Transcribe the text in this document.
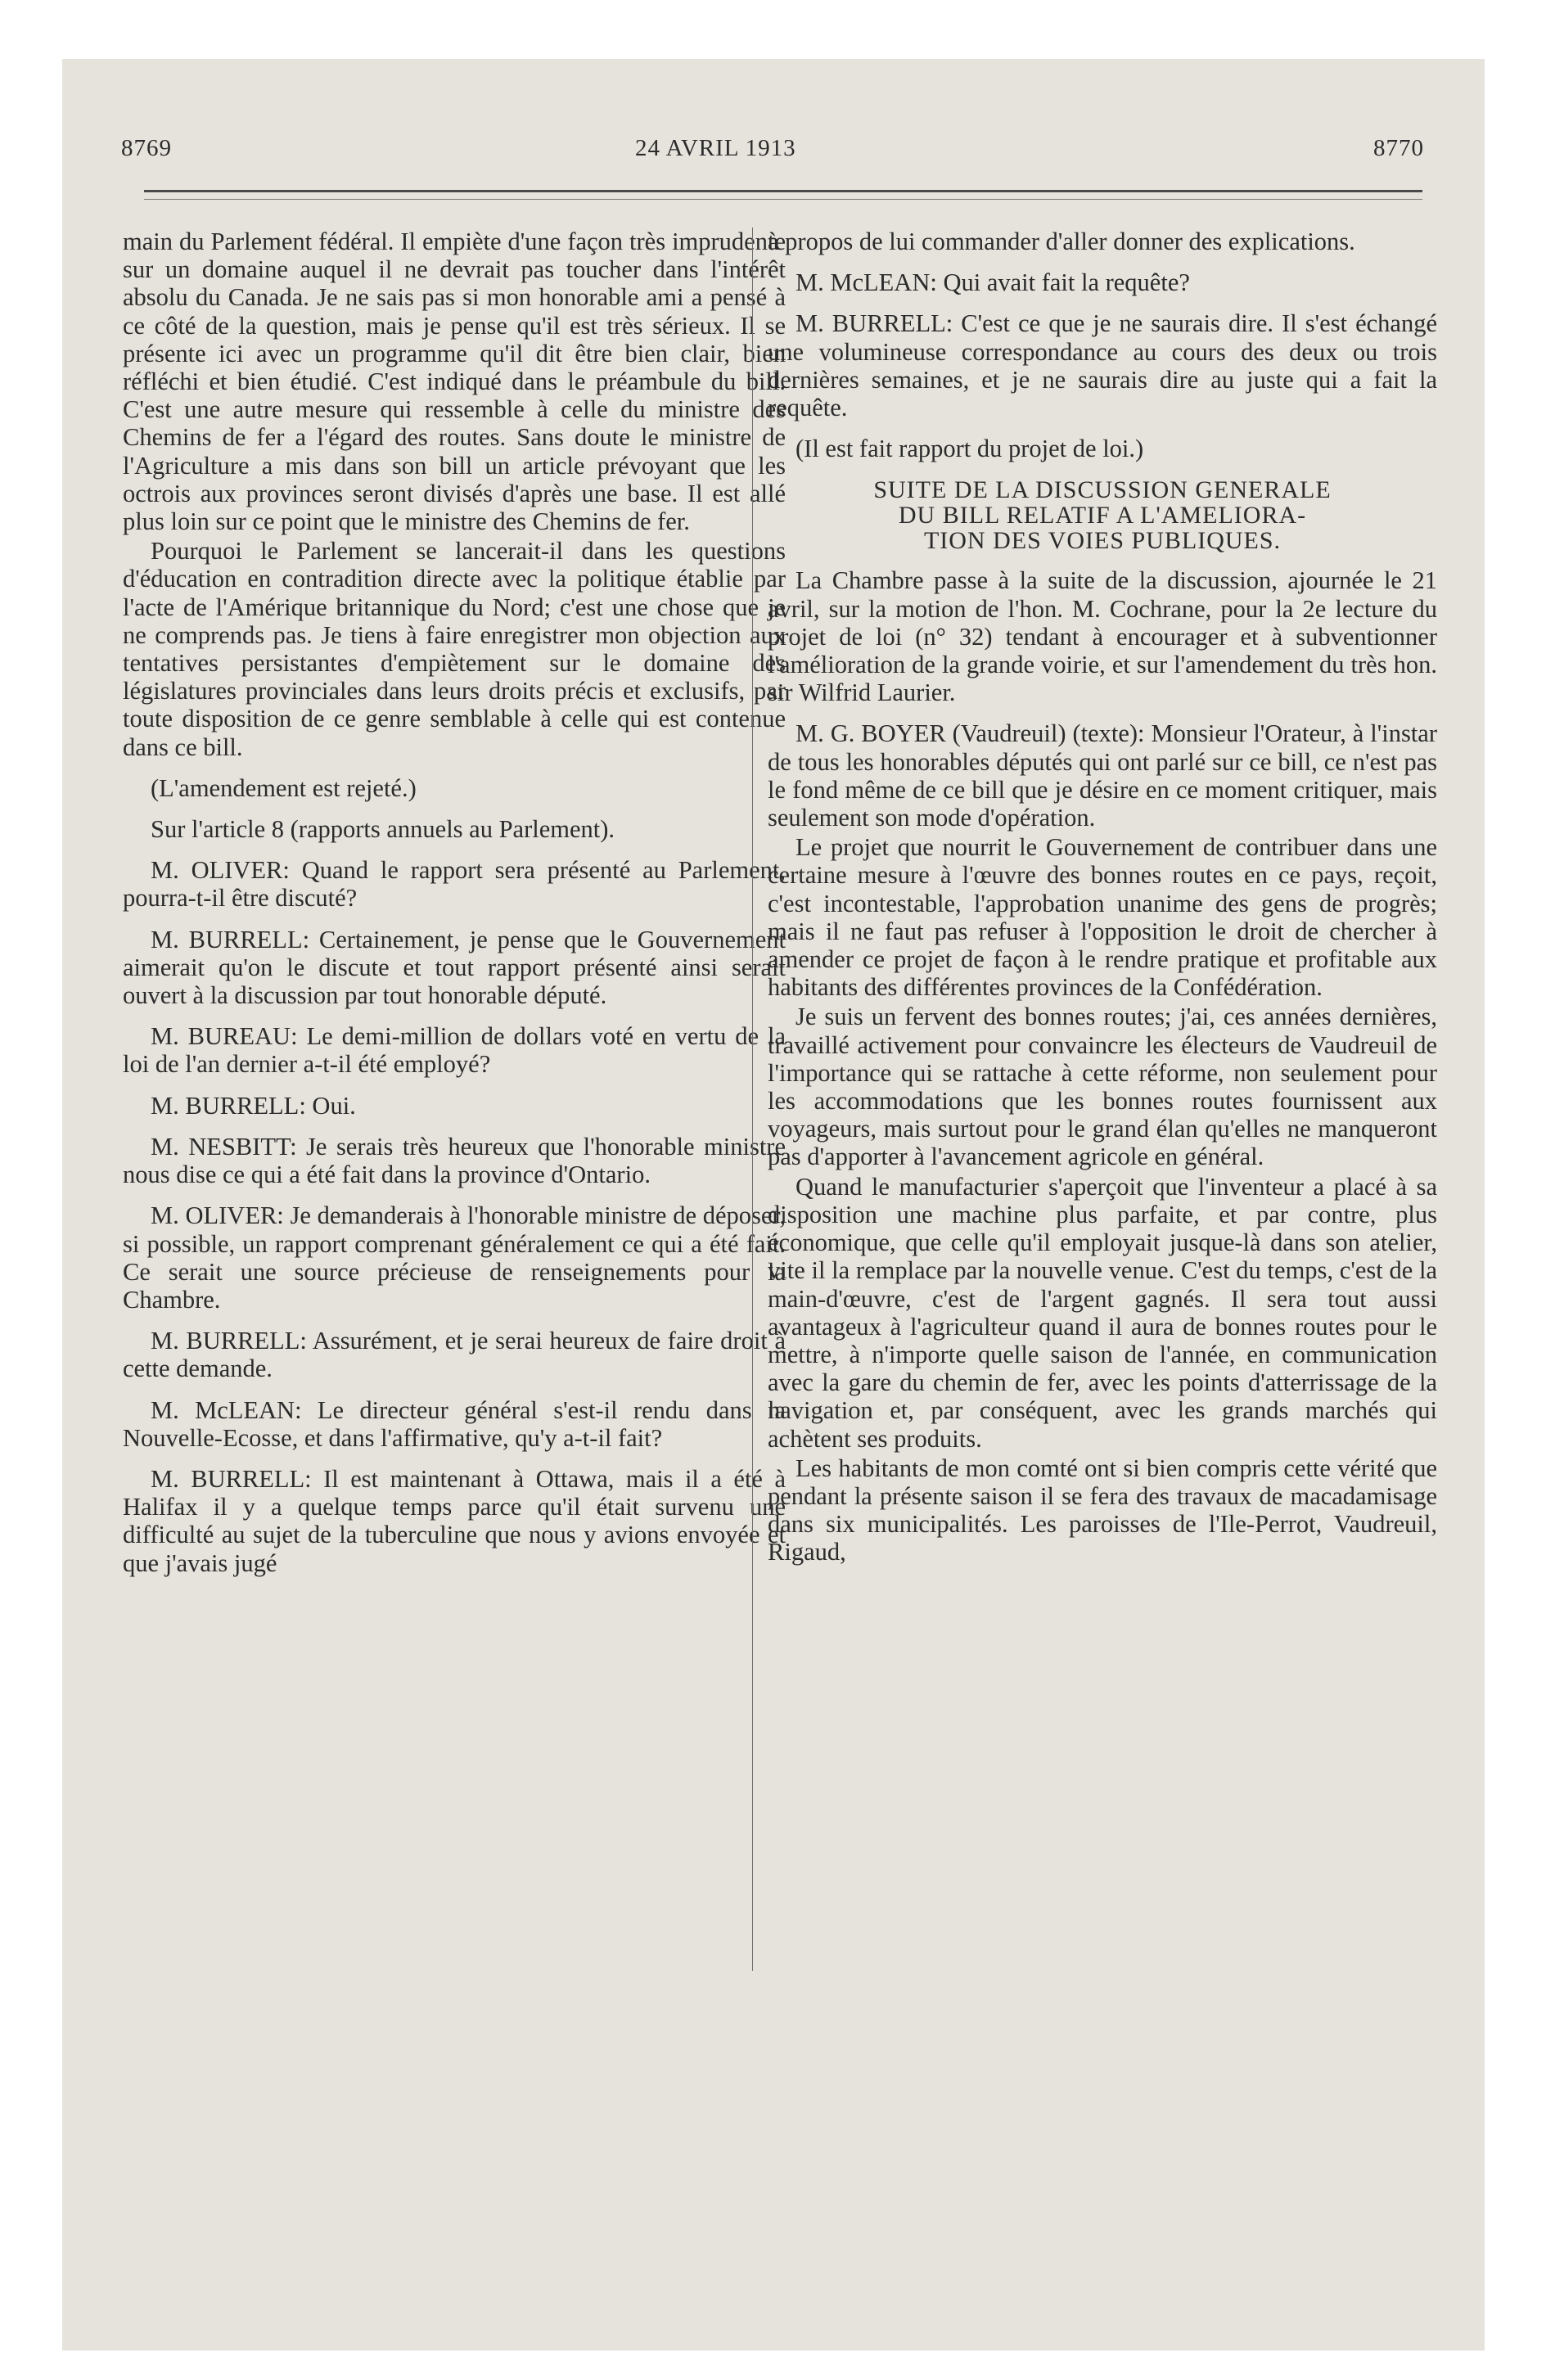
8769	24 AVRIL 1913	8770

main du Parlement fédéral. Il empiète d'une façon très imprudente sur un domaine auquel il ne devrait pas toucher dans l'intérêt absolu du Canada. Je ne sais pas si mon honorable ami a pensé à ce côté de la question, mais je pense qu'il est très sérieux. Il se présente ici avec un programme qu'il dit être bien clair, bien réfléchi et bien étudié. C'est indiqué dans le préambule du bill. C'est une autre mesure qui ressemble à celle du ministre des Chemins de fer a l'égard des routes. Sans doute le ministre de l'Agriculture a mis dans son bill un article prévoyant que les octrois aux provinces seront divisés d'après une base. Il est allé plus loin sur ce point que le ministre des Chemins de fer.

Pourquoi le Parlement se lancerait-il dans les questions d'éducation en contradition directe avec la politique établie par l'acte de l'Amérique britannique du Nord; c'est une chose que je ne comprends pas. Je tiens à faire enregistrer mon objection aux tentatives persistantes d'empiètement sur le domaine des législatures provinciales dans leurs droits précis et exclusifs, par toute disposition de ce genre semblable à celle qui est contenue dans ce bill.

(L'amendement est rejeté.)

Sur l'article 8 (rapports annuels au Parlement).

M. OLIVER: Quand le rapport sera présenté au Parlement, pourra-t-il être discuté?

M. BURRELL: Certainement, je pense que le Gouvernement aimerait qu'on le discute et tout rapport présenté ainsi serait ouvert à la discussion par tout honorable député.

M. BUREAU: Le demi-million de dollars voté en vertu de la loi de l'an dernier a-t-il été employé?

M. BURRELL: Oui.

M. NESBITT: Je serais très heureux que l'honorable ministre nous dise ce qui a été fait dans la province d'Ontario.

M. OLIVER: Je demanderais à l'honorable ministre de déposer, si possible, un rapport comprenant généralement ce qui a été fait. Ce serait une source précieuse de renseignements pour la Chambre.

M. BURRELL: Assurément, et je serai heureux de faire droit à cette demande.

M. McLEAN: Le directeur général s'est-il rendu dans la Nouvelle-Ecosse, et dans l'affirmative, qu'y a-t-il fait?

M. BURRELL: Il est maintenant à Ottawa, mais il a été à Halifax il y a quelque temps parce qu'il était survenu une difficulté au sujet de la tuberculine que nous y avions envoyée et que j'avais jugé

à propos de lui commander d'aller donner des explications.

M. McLEAN: Qui avait fait la requête?

M. BURRELL: C'est ce que je ne saurais dire. Il s'est échangé une volumineuse correspondance au cours des deux ou trois dernières semaines, et je ne saurais dire au juste qui a fait la requête.

(Il est fait rapport du projet de loi.)

SUITE DE LA DISCUSSION GENERALE
DU BILL RELATIF A L'AMELIORA-
TION DES VOIES PUBLIQUES.

La Chambre passe à la suite de la discussion, ajournée le 21 avril, sur la motion de l'hon. M. Cochrane, pour la 2e lecture du projet de loi (n° 32) tendant à encourager et à subventionner l'amélioration de la grande voirie, et sur l'amendement du très hon. sir Wilfrid Laurier.

M. G. BOYER (Vaudreuil) (texte): Monsieur l'Orateur, à l'instar de tous les honorables députés qui ont parlé sur ce bill, ce n'est pas le fond même de ce bill que je désire en ce moment critiquer, mais seulement son mode d'opération.

Le projet que nourrit le Gouvernement de contribuer dans une certaine mesure à l'œuvre des bonnes routes en ce pays, reçoit, c'est incontestable, l'approbation unanime des gens de progrès; mais il ne faut pas refuser à l'opposition le droit de chercher à amender ce projet de façon à le rendre pratique et profitable aux habitants des différentes provinces de la Confédération.

Je suis un fervent des bonnes routes; j'ai, ces années dernières, travaillé activement pour convaincre les électeurs de Vaudreuil de l'importance qui se rattache à cette réforme, non seulement pour les accommodations que les bonnes routes fournissent aux voyageurs, mais surtout pour le grand élan qu'elles ne manqueront pas d'apporter à l'avancement agricole en général.

Quand le manufacturier s'aperçoit que l'inventeur a placé à sa disposition une machine plus parfaite, et par contre, plus économique, que celle qu'il employait jusque-là dans son atelier, vite il la remplace par la nouvelle venue. C'est du temps, c'est de la main-d'œuvre, c'est de l'argent gagnés. Il sera tout aussi avantageux à l'agriculteur quand il aura de bonnes routes pour le mettre, à n'importe quelle saison de l'année, en communication avec la gare du chemin de fer, avec les points d'atterrissage de la navigation et, par conséquent, avec les grands marchés qui achètent ses produits.

Les habitants de mon comté ont si bien compris cette vérité que pendant la présente saison il se fera des travaux de macadamisage dans six municipalités. Les paroisses de l'Ile-Perrot, Vaudreuil, Rigaud,
